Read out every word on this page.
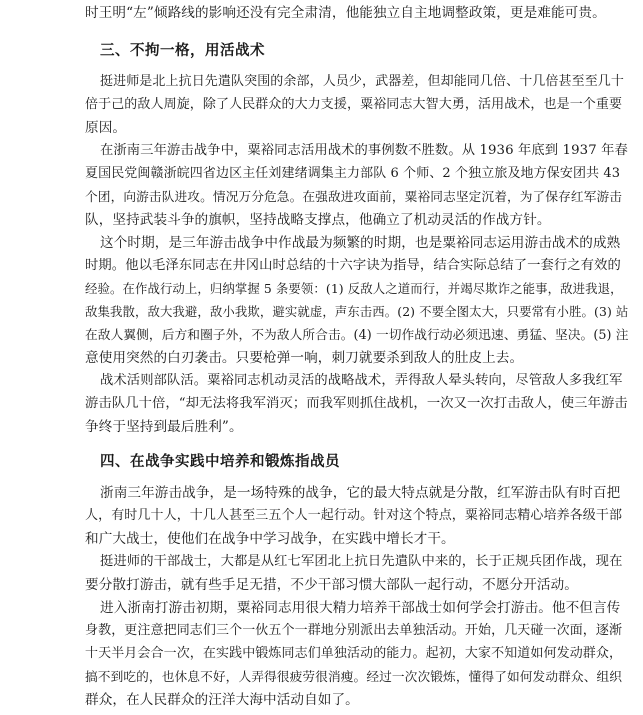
时王明“左”倾路线的影响还没有完全肃清，他能独立自主地调整政策，更是难能可贵。
三、不拘一格，用活战术
挺进师是北上抗日先遣队突围的余部，人员少，武器差，但却能同几倍、十几倍甚至至几十
倍于己的敌人周旋，除了人民群众的大力支援，粟裕同志大智大勇，活用战术，也是一个重要
原因。
在浙南三年游击战争中，粟裕同志活用战术的事例数不胜数。从 1936 年底到 1937 年春
夏国民党闽赣浙皖四省边区主任刘建绪调集主力部队 6 个师、2 个独立旅及地方保安团共 43
个团，向游击队进攻。情况万分危急。在强敌进攻面前，粟裕同志坚定沉着，为了保存红军游击
队，坚持武装斗争的旗帜，坚持战略支撑点，他确立了机动灵活的作战方针。
这个时期，是三年游击战争中作战最为频繁的时期，也是粟裕同志运用游击战术的成熟
时期。他以毛泽东同志在井冈山时总结的十六字诀为指导，结合实际总结了一套行之有效的
经验。在作战行动上，归纳掌握 5 条要领：(1) 反敌人之道而行，并竭尽欺诈之能事，敌进我退，
敌集我散，敌大我避，敌小我欺，避实就虚，声东击西。(2) 不要全图太大，只要常有小胜。(3) 站
在敌人翼侧，后方和圈子外，不为敌人所合击。(4) 一切作战行动必须迅速、勇猛、坚决。(5) 注
意使用突然的白刃袭击。只要枪弹一响，刺刀就要杀到敌人的肚皮上去。
战术活则部队活。粟裕同志机动灵活的战略战术，弄得敌人晕头转向，尽管敌人多我红军
游击队几十倍，“却无法将我军消灭；而我军则抓住战机，一次又一次打击敌人，使三年游击
争终于坚持到最后胜利”。
四、在战争实践中培养和锻炼指战员
浙南三年游击战争，是一场特殊的战争，它的最大特点就是分散，红军游击队有时百把
人，有时几十人，十几人甚至三五个人一起行动。针对这个特点，粟裕同志精心培养各级干部
和广大战士，使他们在战争中学习战争，在实践中增长才干。
挺进师的干部战士，大都是从红七军团北上抗日先遣队中来的，长于正规兵团作战，现在
要分散打游击，就有些手足无措，不少干部习惯大部队一起行动，不愿分开活动。
进入浙南打游击初期，粟裕同志用很大精力培养干部战士如何学会打游击。他不但言传
身教，更注意把同志们三个一伙五个一群地分别派出去单独活动。开始，几天碰一次面，逐渐
十天半月会合一次，在实践中锻炼同志们单独活动的能力。起初，大家不知道如何发动群众，
搞不到吃的，也休息不好，人弄得很疲劳很消瘦。经过一次次锻炼，懂得了如何发动群众、组织
群众，在人民群众的汪洋大海中活动自如了。
